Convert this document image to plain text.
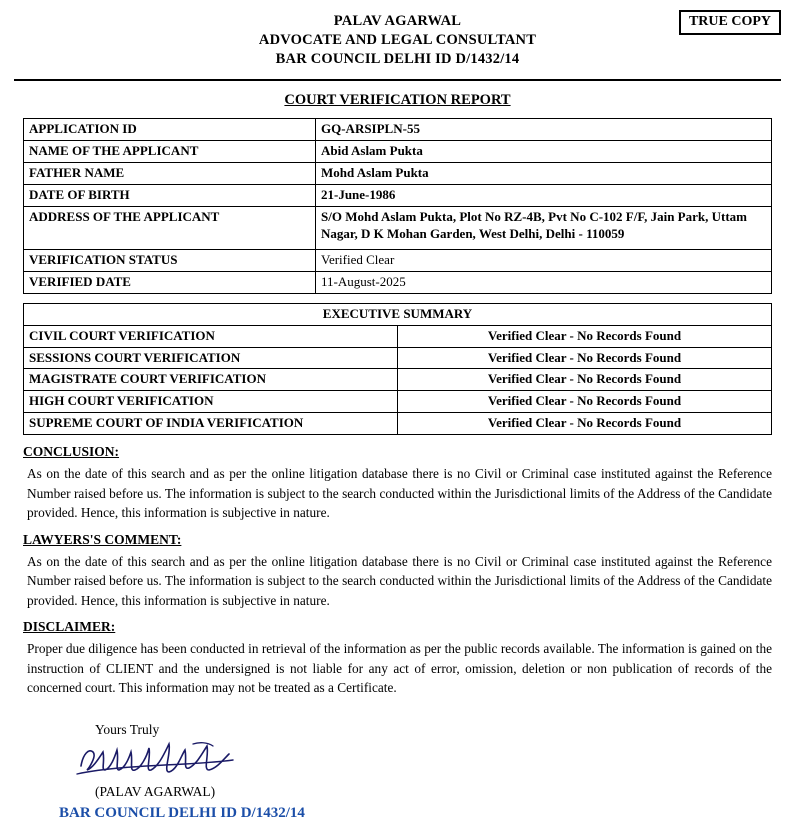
TRUE COPY
PALAV AGARWAL
ADVOCATE AND LEGAL CONSULTANT
BAR COUNCIL DELHI ID D/1432/14
COURT VERIFICATION REPORT
APPLICATION ID	GQ-ARSIPLN-55
NAME OF THE APPLICANT	Abid Aslam Pukta
FATHER NAME	Mohd Aslam Pukta
DATE OF BIRTH	21-June-1986
ADDRESS OF THE APPLICANT	S/O Mohd Aslam Pukta, Plot No RZ-4B, Pvt No C-102 F/F, Jain Park, Uttam Nagar, D K Mohan Garden, West Delhi, Delhi - 110059
VERIFICATION STATUS	Verified Clear
VERIFIED DATE	11-August-2025
EXECUTIVE SUMMARY	
CIVIL COURT VERIFICATION	Verified Clear - No Records Found
SESSIONS COURT VERIFICATION	Verified Clear - No Records Found
MAGISTRATE COURT VERIFICATION	Verified Clear - No Records Found
HIGH COURT VERIFICATION	Verified Clear - No Records Found
SUPREME COURT OF INDIA VERIFICATION	Verified Clear - No Records Found
CONCLUSION:
As on the date of this search and as per the online litigation database there is no Civil or Criminal case instituted against the Reference Number raised before us. The information is subject to the search conducted within the Jurisdictional limits of the Address of the Candidate provided. Hence, this information is subjective in nature.
LAWYERS'S COMMENT:
As on the date of this search and as per the online litigation database there is no Civil or Criminal case instituted against the Reference Number raised before us. The information is subject to the search conducted within the Jurisdictional limits of the Address of the Candidate provided. Hence, this information is subjective in nature.
DISCLAIMER:
Proper due diligence has been conducted in retrieval of the information as per the public records available. The information is gained on the instruction of CLIENT and the undersigned is not liable for any act of error, omission, deletion or non publication of records of the concerned court. This information may not be treated as a Certificate.
Yours Truly
(PALAV AGARWAL)
BAR COUNCIL DELHI ID D/1432/14
